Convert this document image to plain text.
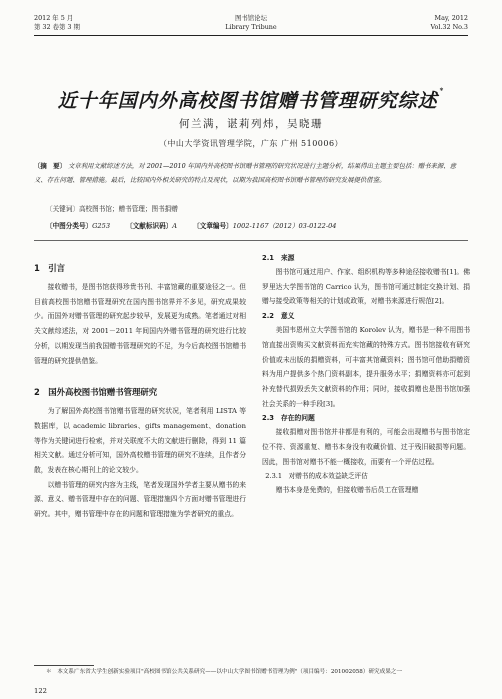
2012 年 5 月
第 32 卷第 3 期
图书馆论坛
Library Tribune
May, 2012
Vol.32 No.3
近十年国内外高校图书馆赠书管理研究综述 *
何兰满，谌莉列炜，吴晓珊
（中山大学资讯管理学院，广东 广州 510006）
〔摘　要〕 文章利用文献综述方法，对 2001—2010 年国内外高校图书馆赠书管理的研究状况进行主题分析，结果得出主题主要包括：赠书来源、意义、存在问题、管理措施。最后，比较国内外相关研究的特点及现状，以期为我国高校图书馆赠书管理的研究发展提供借鉴。
〔关键词〕高校图书馆；赠书管理；图书捐赠
〔中图分类号〕G253 〔文献标识码〕A 〔文章编号〕1002-1167（2012）03-0122-04
1　引言

接收赠书，是图书馆获得珍贵书刊、丰富馆藏的重要途径之一。但目前高校图书馆赠书管理研究在国内图书馆界并不多见，研究成果较少。而国外对赠书管理的研究起步较早，发展更为成熟。笔者通过对相关文献综述法，对 2001－2011 年间国内外赠书管理的研究进行比较分析，以期发现当前我国赠书管理研究的不足，为今后高校图书馆赠书管理的研究提供借鉴。

2　国外高校图书馆赠书管理研究

为了解国外高校图书馆赠书管理的研究状况，笔者利用 LISTA 等数据库，以 academic libraries、gifts management、donation 等作为关键词进行检索，并对关联度不大的文献进行删除，得到 11 篇相关文献。通过分析可知，国外高校赠书管理的研究不连续，且作者分散，发表在核心期刊上的论文较少。

以赠书管理的研究内容为主线，笔者发现国外学者主要从赠书的来源、意义、赠书管理中存在的问题、管理措施四个方面对赠书管理进行研究。其中，赠书管理中存在的问题和管理措施为学者研究的重点。

2.1　来源

图书馆可通过用户、作家、组织机构等多种途径接收赠书[1]。佛罗里达大学图书馆的 Carrico 认为，图书馆可通过制定交换计划、捐赠与接受政策等相关的计划或政策，对赠书来源进行规范[2]。

2.2　意义

美国韦恩州立大学图书馆的 Korolev 认为，赠书是一种不用图书馆直接出资购买文献资料而充实馆藏的特殊方式。图书馆接收有研究价值或未出版的捐赠资料，可丰富其馆藏资料；图书馆可借助捐赠资料为用户提供多个热门资料副本，提升服务水平；捐赠资料亦可起到补充替代损毁丢失文献资料的作用；同时，接收捐赠也是图书馆加强社会关系的一种手段[3]。

2.3　存在的问题

接收捐赠对图书馆并非都是有利的，可能会出现赠书与图书馆定位不符、资源重复、赠书本身没有收藏价值、过于残旧破损等问题。因此，图书馆对赠书不能一概接收，而要有一个评估过程。

2.3.1　对赠书的成本效益缺乏评估

赠书本身是免费的，但接收赠书后员工在管理赠

＊　本文系广东省大学生创新实验项目"高校图书馆公共关系研究——以中山大学图书馆赠书管理为例"（项目编号：201002058）研究成果之一
122
